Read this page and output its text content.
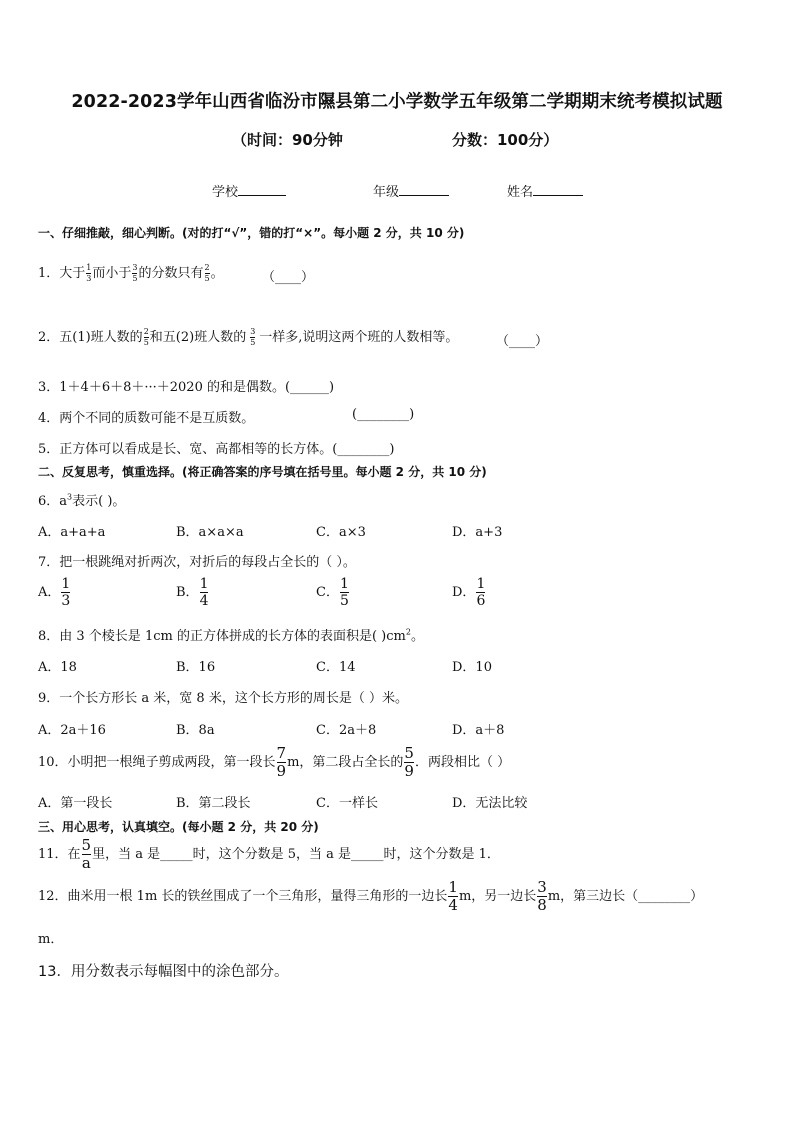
2022-2023学年山西省临汾市隰县第二小学数学五年级第二学期期末统考模拟试题
（时间：90分钟	分数：100分）
学校	年级	姓名
一、仔细推敲，细心判断。(对的打“√”，错的打“×”。每小题 2 分，共 10 分)
1．大于 $\frac{1}{3}$ 而小于 $\frac{3}{5}$ 的分数只有 $\frac{2}{5}$ 。	（____）
2．五(1)班人数的 $\frac{2}{5}$ 和五(2)班人数的 $\frac{3}{5}$ 一样多,说明这两个班的人数相等。	（____）
3．1＋4＋6＋8＋···＋2020 的和是偶数。(______)
4．两个不同的质数可能不是互质数。	(________)
5．正方体可以看成是长、宽、高都相等的长方体。(________)
二、反复思考，慎重选择。(将正确答案的序号填在括号里。每小题 2 分，共 10 分)
6．$a^3$表示( )。
A．a+a+a	B．a×a×a	C．a×3	D．a+3
7．把一根跳绳对折两次，对折后的每段占全长的（ ）。
A． $\frac{1}{3}$	B． $\frac{1}{4}$	C． $\frac{1}{5}$	D． $\frac{1}{6}$
8．由 3 个棱长是 1cm 的正方体拼成的长方体的表面积是( )$cm^2$。
A．18	B．16	C．14	D．10
9．一个长方形长 a 米，宽 8 米，这个长方形的周长是（ ）米。
A．2a＋16	B．8a	C．2a＋8	D．a＋8
10．小明把一根绳子剪成两段，第一段长 $\frac{7}{9}$ m，第二段占全长的 $\frac{5}{9}$ ．两段相比（ ）
A．第一段长	B．第二段长	C．一样长	D．无法比较
三、用心思考，认真填空。(每小题 2 分，共 20 分)
11．在 $\frac{5}{a}$ 里，当 a 是_____时，这个分数是 5，当 a 是_____时，这个分数是 1．
12．曲米用一根 1m 长的铁丝围成了一个三角形，量得三角形的一边长 $\frac{1}{4}$ m，另一边长 $\frac{3}{8}$ m，第三边长（________）
m．
13．用分数表示每幅图中的涂色部分。
